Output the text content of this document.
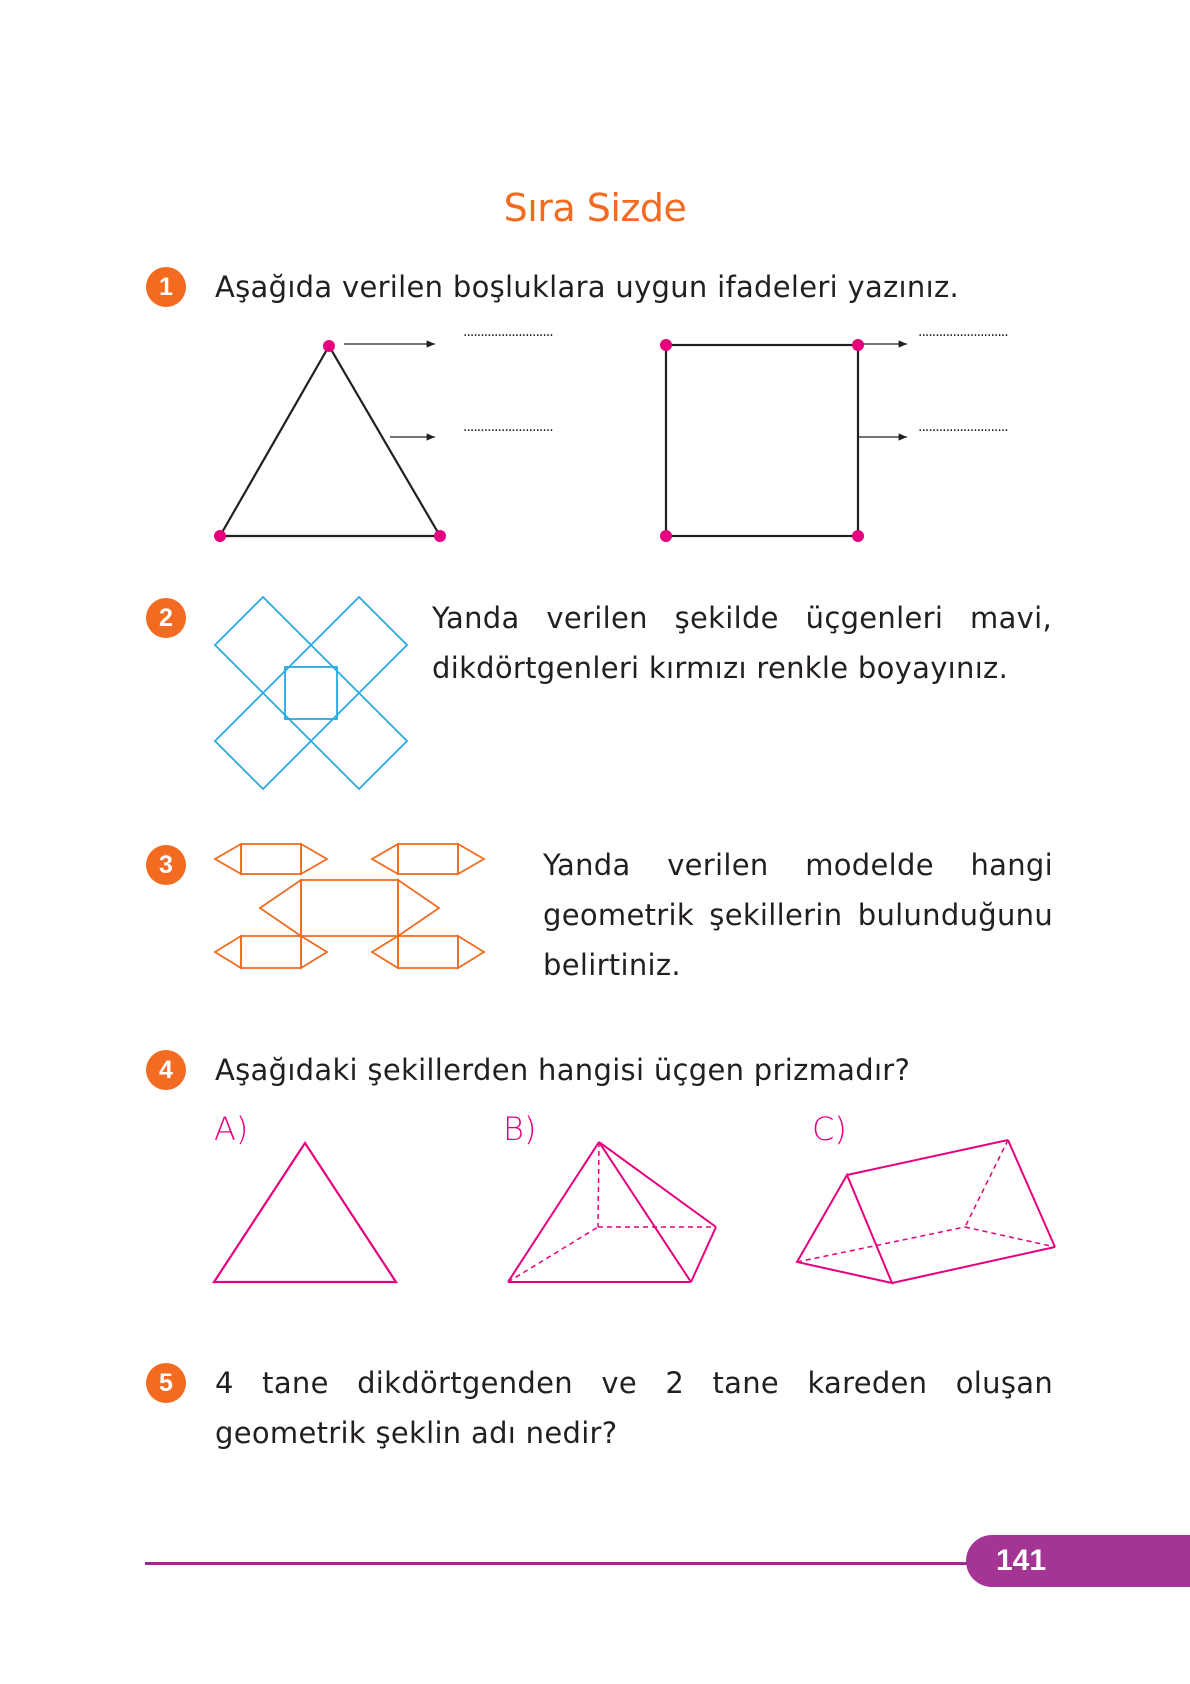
Sıra Sizde
1	Aşağıda verilen boşluklara uygun ifadeleri yazınız.
..........................
..........................
..........................
..........................
2	Yanda verilen şekilde üçgenleri mavi, dikdörtgenleri kırmızı renkle boyayınız.
3	Yanda verilen modelde hangi geometrik şekillerin bulunduğunu belirtiniz.
4	Aşağıdaki şekillerden hangisi üçgen prizmadır?
A)	B)	C)
5	4 tane dikdörtgenden ve 2 tane kareden oluşan geometrik şeklin adı nedir?
141
